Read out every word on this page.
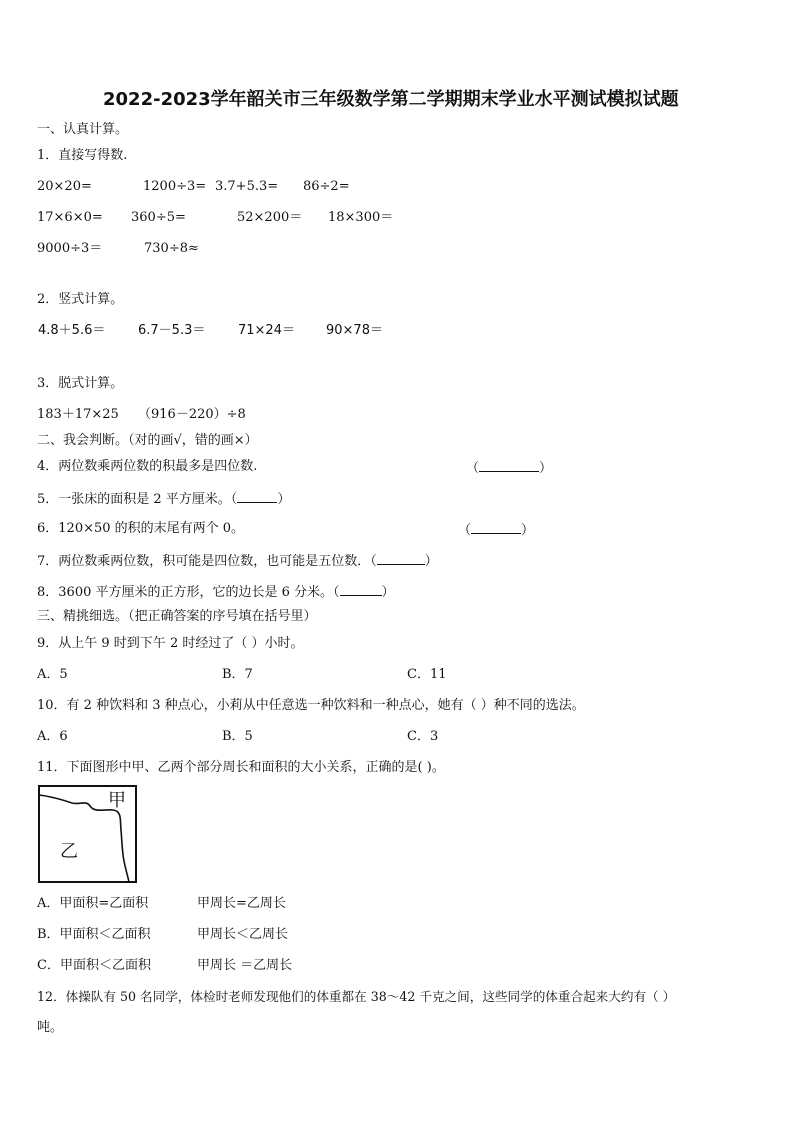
2022-2023学年韶关市三年级数学第二学期期末学业水平测试模拟试题
一、认真计算。
1．直接写得数.
20×20=	1200÷3= 3.7+5.3= 86÷2=
17×6×0= 360÷5=	52×200＝ 18×300＝
9000÷3＝	730÷8≈
2．竖式计算。
4.8＋5.6＝	6.7－5.3＝	71×24＝ 90×78＝
3．脱式计算。
183＋17×25 （916－220）÷8
二、我会判断。（对的画√，错的画×）
4．两位数乘两位数的积最多是四位数.	（	）
5．一张床的面积是 2 平方厘米。（	）
6．120×50 的积的末尾有两个 0。	（	）
7．两位数乘两位数，积可能是四位数，也可能是五位数．（	）
8．3600 平方厘米的正方形，它的边长是 6 分米。（	）
三、精挑细选。（把正确答案的序号填在括号里）
9．从上午 9 时到下午 2 时经过了（ ）小时。
A．5	B．7	C．11
10．有 2 种饮料和 3 种点心，小莉从中任意选一种饮料和一种点心，她有（ ）种不同的选法。
A．6	B．5	C．3
11．下面图形中甲、乙两个部分周长和面积的大小关系，正确的是( )。
甲
乙
A．甲面积=乙面积	甲周长=乙周长
B．甲面积＜乙面积	甲周长＜乙周长
C．甲面积＜乙面积	甲周长 ＝乙周长
12．体操队有 50 名同学，体检时老师发现他们的体重都在 38～42 千克之间，这些同学的体重合起来大约有（ ）
吨。
